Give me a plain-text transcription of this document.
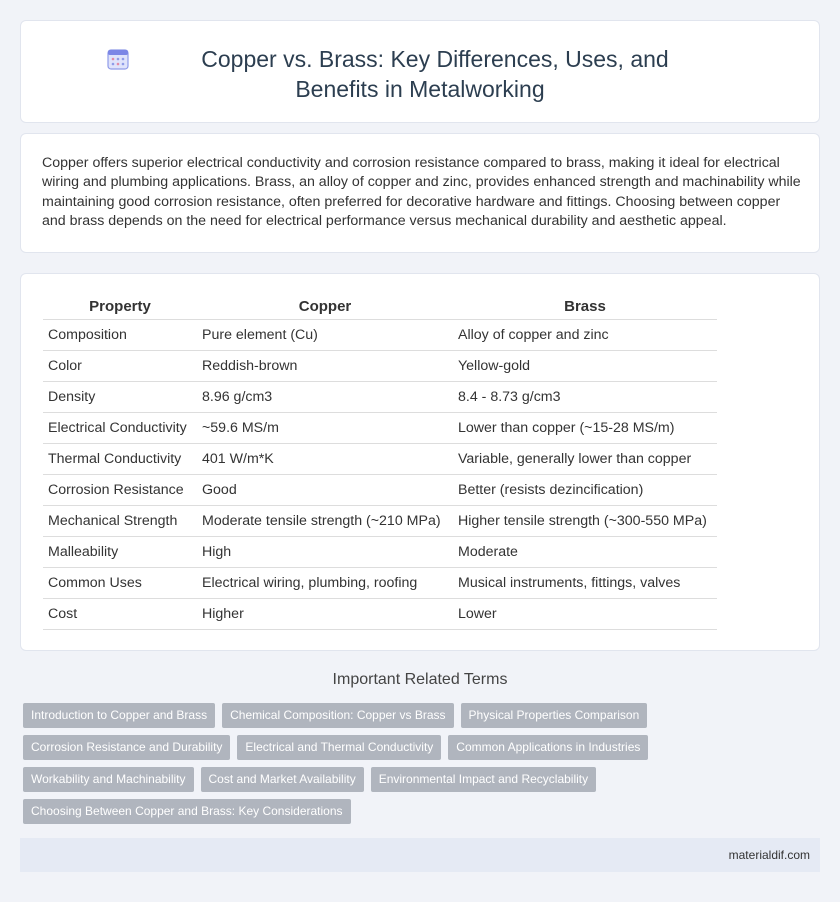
Copper vs. Brass: Key Differences, Uses, and Benefits in Metalworking

Copper offers superior electrical conductivity and corrosion resistance compared to brass, making it ideal for electrical wiring and plumbing applications. Brass, an alloy of copper and zinc, provides enhanced strength and machinability while maintaining good corrosion resistance, often preferred for decorative hardware and fittings. Choosing between copper and brass depends on the need for electrical performance versus mechanical durability and aesthetic appeal.

Property	Copper	Brass
Composition	Pure element (Cu)	Alloy of copper and zinc
Color	Reddish-brown	Yellow-gold
Density	8.96 g/cm3	8.4 - 8.73 g/cm3
Electrical Conductivity	~59.6 MS/m	Lower than copper (~15-28 MS/m)
Thermal Conductivity	401 W/m*K	Variable, generally lower than copper
Corrosion Resistance	Good	Better (resists dezincification)
Mechanical Strength	Moderate tensile strength (~210 MPa)	Higher tensile strength (~300-550 MPa)
Malleability	High	Moderate
Common Uses	Electrical wiring, plumbing, roofing	Musical instruments, fittings, valves
Cost	Higher	Lower
Important Related Terms
Introduction to Copper and Brass	Chemical Composition: Copper vs Brass	Physical Properties Comparison
Corrosion Resistance and Durability	Electrical and Thermal Conductivity	Common Applications in Industries
Workability and Machinability	Cost and Market Availability	Environmental Impact and Recyclability
Choosing Between Copper and Brass: Key Considerations
materialdif.com
